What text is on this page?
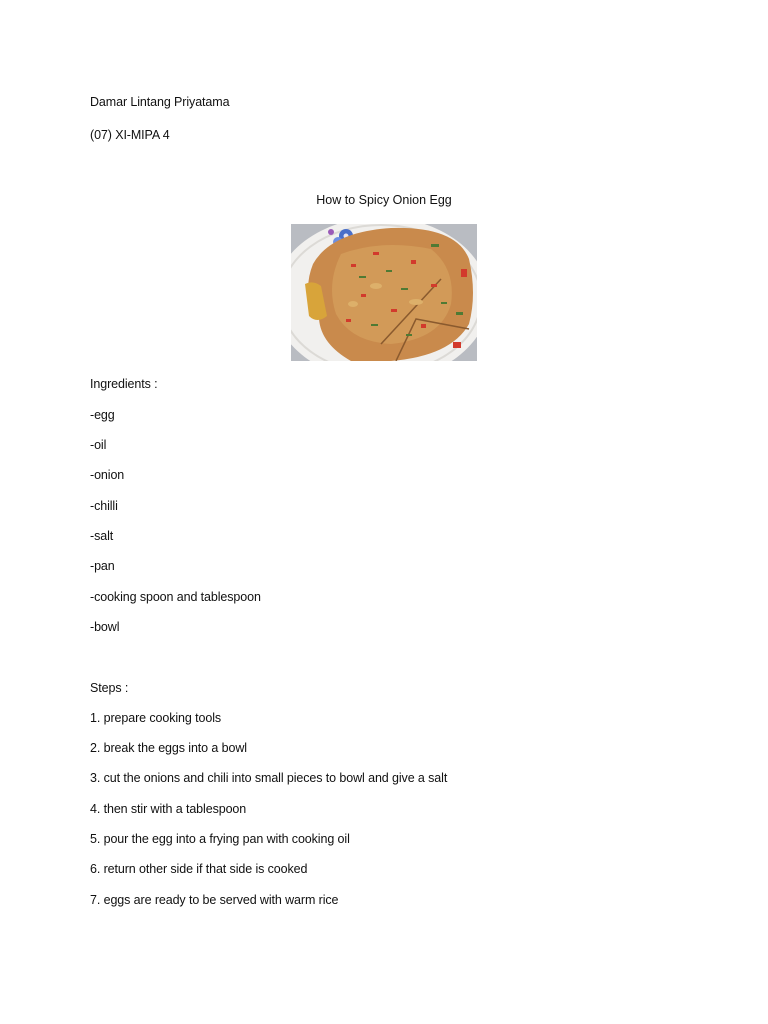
Damar Lintang Priyatama
(07) XI-MIPA 4
How to Spicy Onion Egg
Ingredients :
-egg
-oil
-onion
-chilli
-salt
-pan
-cooking spoon and tablespoon
-bowl
Steps :
1. prepare cooking tools
2. break the eggs into a bowl
3. cut the onions and chili into small pieces to bowl and give a salt
4. then stir with a tablespoon
5. pour the egg into a frying pan with cooking oil
6. return other side if that side is cooked
7. eggs are ready to be served with warm rice
